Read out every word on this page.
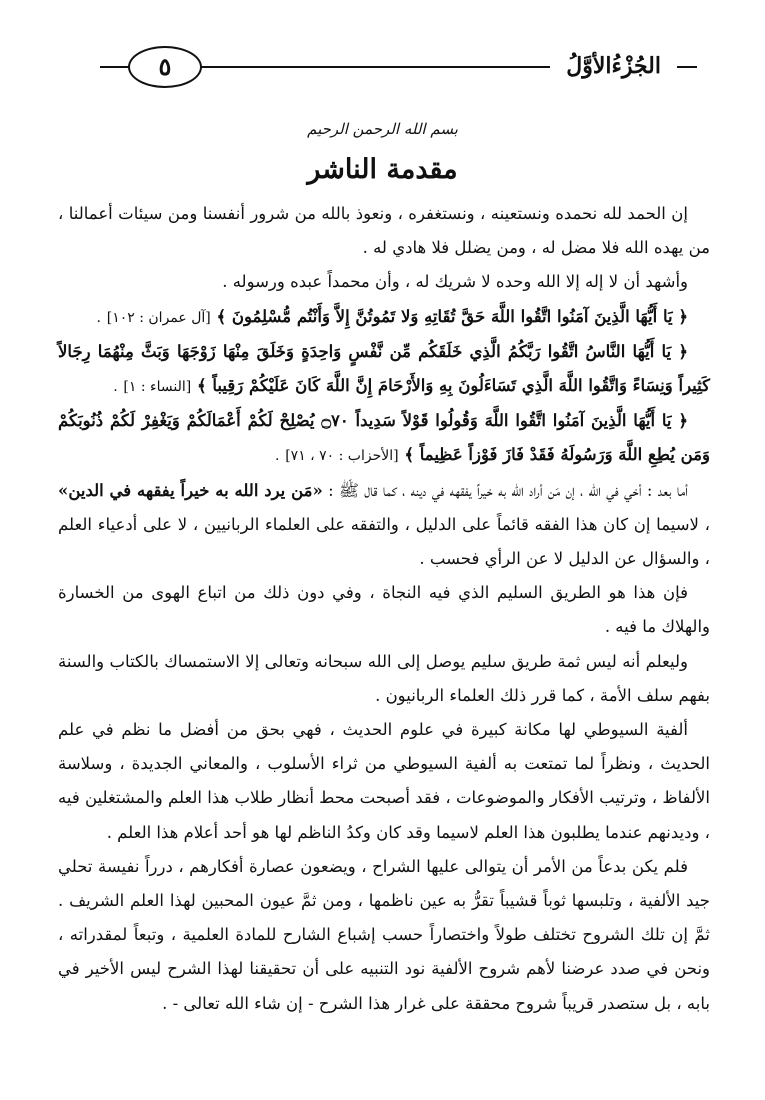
الجُزْءُالأوَّلُ
٥
بسم الله الرحمن الرحيم
مقدمة الناشر

إن الحمد لله نحمده ونستعينه ، ونستغفره ، ونعوذ بالله من شرور أنفسنا ومن سيئات أعمالنا ، من يهده الله فلا مضل له ، ومن يضلل فلا هادي له .

وأشهد أن لا إله إلا الله وحده لا شريك له ، وأن محمداً عبده ورسوله .

﴿ يَا أَيُّهَا الَّذِينَ آمَنُوا اتَّقُوا اللَّهَ حَقَّ تُقَاتِهِ وَلا تَمُوتُنَّ إِلاَّ وَأَنْتُم مُّسْلِمُونَ ﴾ [آل عمران : ١٠٢] .

﴿ يَا أَيُّهَا النَّاسُ اتَّقُوا رَبَّكُمُ الَّذِي خَلَقَكُم مِّن نَّفْسٍ وَاحِدَةٍ وَخَلَقَ مِنْهَا زَوْجَهَا وَبَثَّ مِنْهُمَا رِجَالاً كَثِيراً وَنِسَاءً وَاتَّقُوا اللَّهَ الَّذِي تَسَاءَلُونَ بِهِ وَالأَرْحَامَ إِنَّ اللَّهَ كَانَ عَلَيْكُمْ رَقِيباً ﴾ [النساء : ١] .

﴿ يَا أَيُّهَا الَّذِينَ آمَنُوا اتَّقُوا اللَّهَ وَقُولُوا قَوْلاً سَدِيداً ۝٧٠ يُصْلِحْ لَكُمْ أَعْمَالَكُمْ وَيَغْفِرْ لَكُمْ ذُنُوبَكُمْ وَمَن يُطِعِ اللَّهَ وَرَسُولَهُ فَقَدْ فَازَ فَوْزاً عَظِيماً ﴾ [الأحزاب : ٧٠ ، ٧١] .

أما بعد : أخي في الله ، إن مَن أراد الله به خيراً يفقهه في دينه ، كما قال ﷺ : «مَن يرد الله به خيراً يفقهه في الدين» ، لاسيما إن كان هذا الفقه قائماً على الدليل ، والتفقه على العلماء الربانيين ، لا على أدعياء العلم ، والسؤال عن الدليل لا عن الرأي فحسب .

فإن هذا هو الطريق السليم الذي فيه النجاة ، وفي دون ذلك من اتباع الهوى من الخسارة والهلاك ما فيه .

وليعلم أنه ليس ثمة طريق سليم يوصل إلى الله سبحانه وتعالى إلا الاستمساك بالكتاب والسنة بفهم سلف الأمة ، كما قرر ذلك العلماء الربانيون .

ألفية السيوطي لها مكانة كبيرة في علوم الحديث ، فهي بحق من أفضل ما نظم في علم الحديث ، ونظراً لما تمتعت به ألفية السيوطي من ثراء الأسلوب ، والمعاني الجديدة ، وسلاسة الألفاظ ، وترتيب الأفكار والموضوعات ، فقد أصبحت محط أنظار طلاب هذا العلم والمشتغلين فيه ، وديدنهم عندما يطلبون هذا العلم لاسيما وقد كان وكدُ الناظم لها هو أحد أعلام هذا العلم .

فلم يكن بدعاً من الأمر أن يتوالى عليها الشراح ، ويضعون عصارة أفكارهم ، درراً نفيسة تحلي جيد الألفية ، وتلبسها ثوباً قشيباً تقرُّ به عين ناظمها ، ومن ثمَّ عيون المحبين لهذا العلم الشريف . ثمَّ إن تلك الشروح تختلف طولاً واختصاراً حسب إشباع الشارح للمادة العلمية ، وتبعاً لمقدراته ، ونحن في صدد عرضنا لأهم شروح الألفية نود التنبيه على أن تحقيقنا لهذا الشرح ليس الأخير في بابه ، بل ستصدر قريباً شروح محققة على غرار هذا الشرح - إن شاء الله تعالى - .
